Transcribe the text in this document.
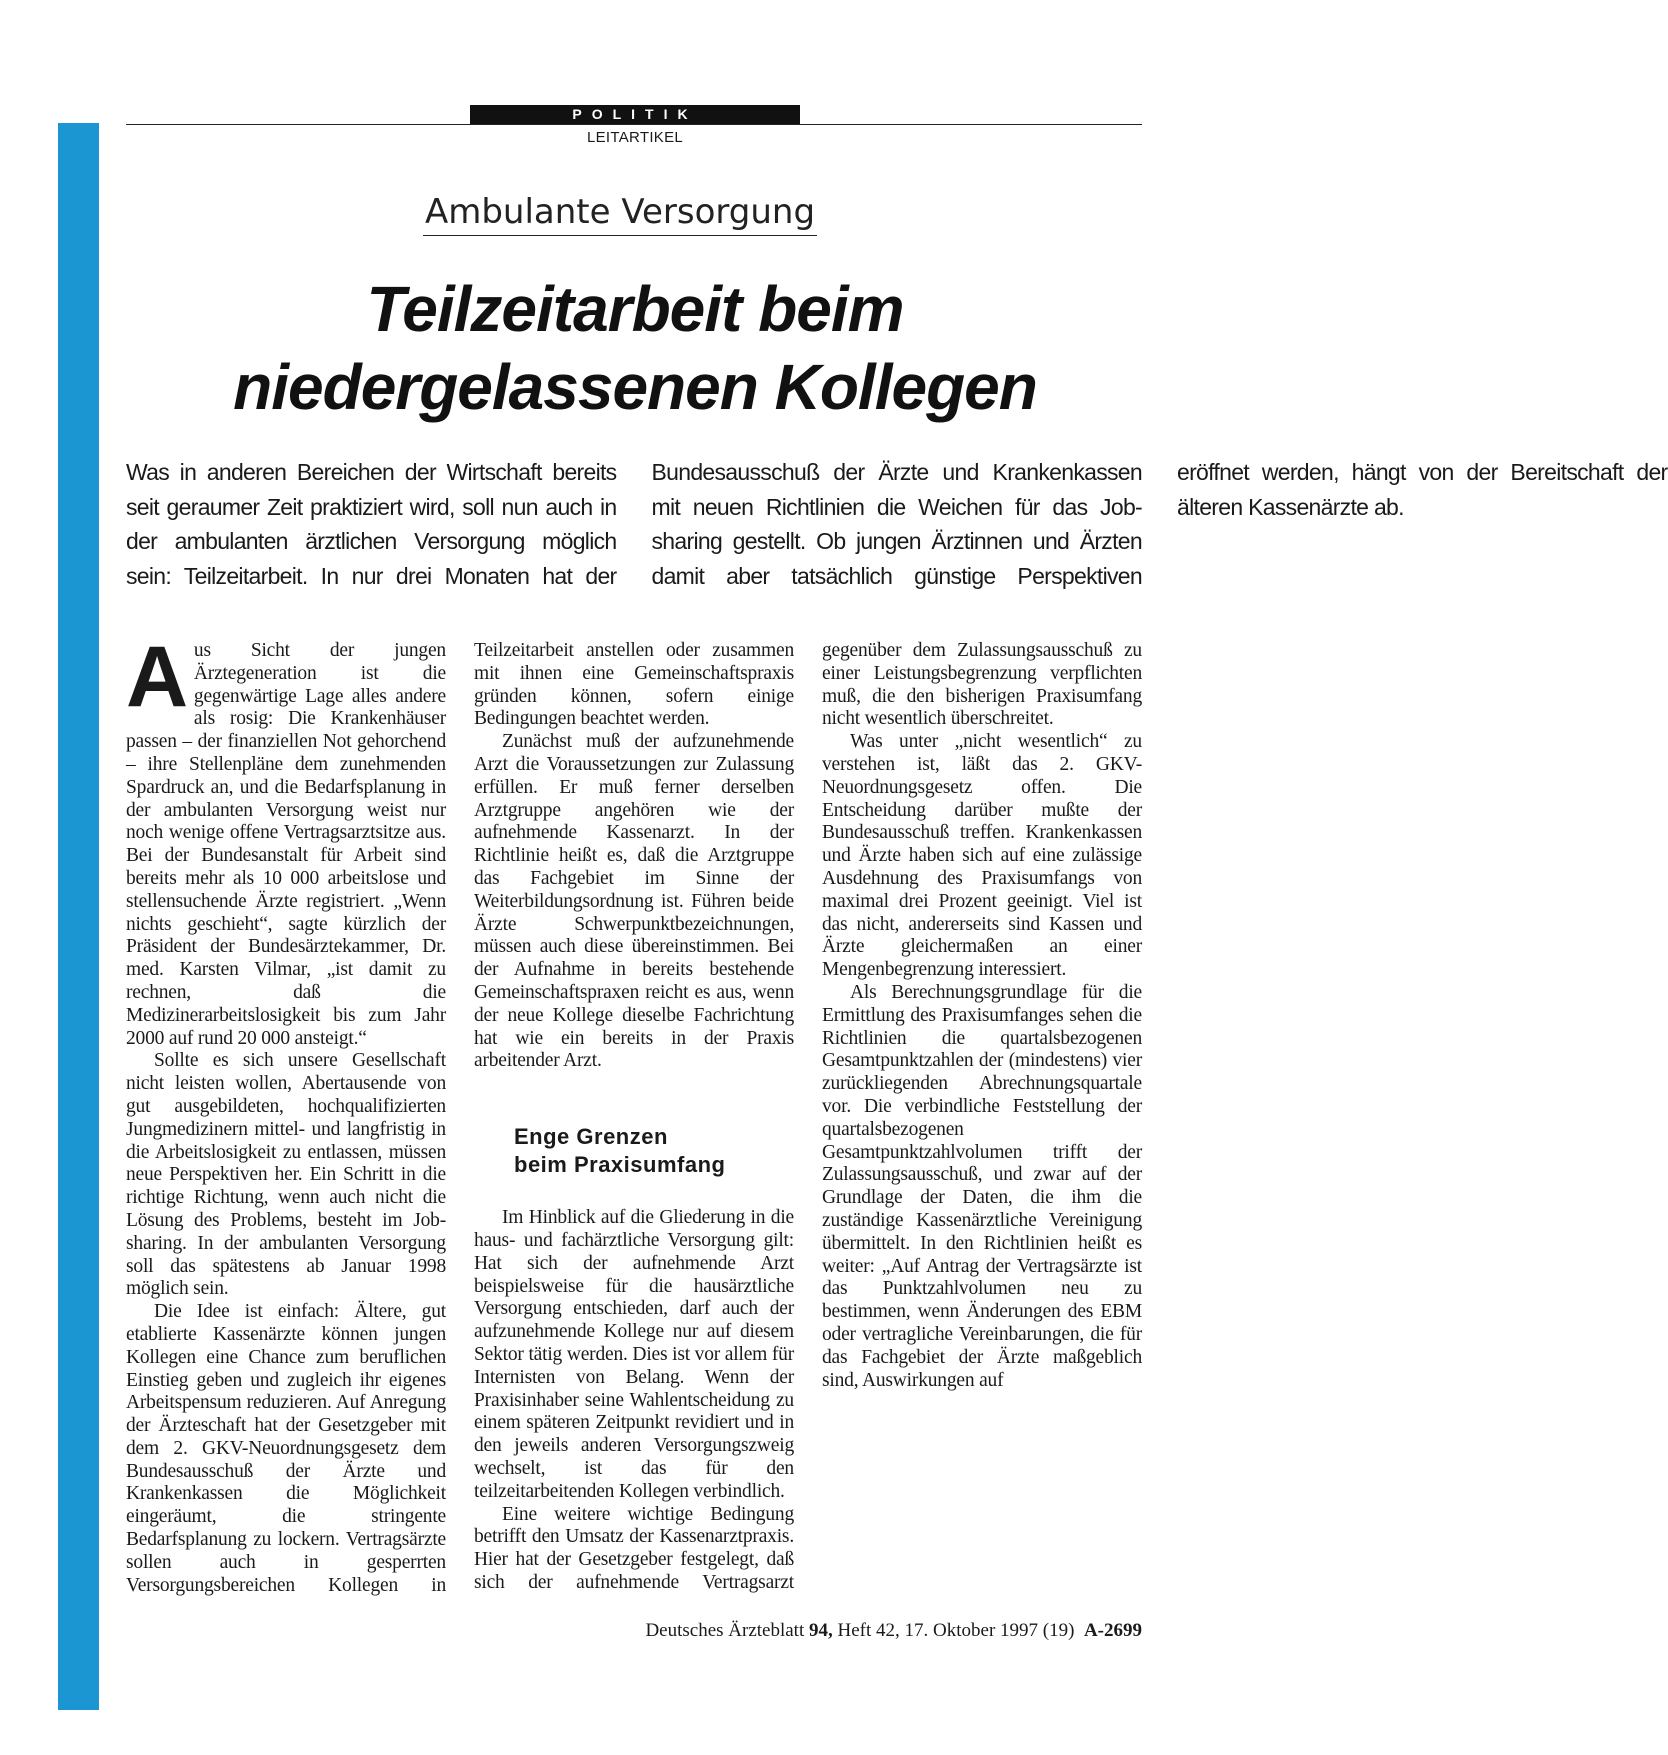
POLITIK
LEITARTIKEL
Ambulante Versorgung
Teilzeitarbeit beim
niedergelassenen Kollegen
Was in anderen Bereichen der Wirtschaft bereits seit geraumer Zeit praktiziert wird, soll nun auch in der ambulanten ärztlichen Versorgung möglich sein: Teilzeitarbeit. In nur drei Monaten hat der Bundesausschuß der Ärzte und Krankenkassen mit neuen Richtlinien die Weichen für das Job-sharing gestellt. Ob jungen Ärztinnen und Ärzten damit aber tatsächlich günstige Perspektiven eröffnet werden, hängt von der Bereitschaft der älteren Kassenärzte ab.

Aus Sicht der jungen Ärztegeneration ist die gegenwärtige Lage alles andere als rosig: Die Krankenhäuser passen – der finanziellen Not gehorchend – ihre Stellenpläne dem zunehmenden Spardruck an, und die Bedarfsplanung in der ambulanten Versorgung weist nur noch wenige offene Vertragsarztsitze aus. Bei der Bundesanstalt für Arbeit sind bereits mehr als 10 000 arbeitslose und stellensuchende Ärzte registriert. „Wenn nichts geschieht“, sagte kürzlich der Präsident der Bundesärztekammer, Dr. med. Karsten Vilmar, „ist damit zu rechnen, daß die Medizinerarbeitslosigkeit bis zum Jahr 2000 auf rund 20 000 ansteigt.“

Sollte es sich unsere Gesellschaft nicht leisten wollen, Abertausende von gut ausgebildeten, hochqualifizierten Jungmedizinern mittel- und langfristig in die Arbeitslosigkeit zu entlassen, müssen neue Perspektiven her. Ein Schritt in die richtige Richtung, wenn auch nicht die Lösung des Problems, besteht im Job-sharing. In der ambulanten Versorgung soll das spätestens ab Januar 1998 möglich sein.

Die Idee ist einfach: Ältere, gut etablierte Kassenärzte können jungen Kollegen eine Chance zum beruflichen Einstieg geben und zugleich ihr eigenes Arbeitspensum reduzieren. Auf Anregung der Ärzteschaft hat der Gesetzgeber mit dem 2. GKV-Neuordnungsgesetz dem Bundesausschuß der Ärzte und Krankenkassen die Möglichkeit eingeräumt, die stringente Bedarfsplanung zu lockern. Vertragsärzte sollen auch in gesperrten Versorgungsbereichen Kollegen in Teilzeitarbeit anstellen oder zusammen mit ihnen eine Gemeinschaftspraxis gründen können, sofern einige Bedingungen beachtet werden.

Zunächst muß der aufzunehmende Arzt die Voraussetzungen zur Zulassung erfüllen. Er muß ferner derselben Arztgruppe angehören wie der aufnehmende Kassenarzt. In der Richtlinie heißt es, daß die Arztgruppe das Fachgebiet im Sinne der Weiterbildungsordnung ist. Führen beide Ärzte Schwerpunktbezeichnungen, müssen auch diese übereinstimmen. Bei der Aufnahme in bereits bestehende Gemeinschaftspraxen reicht es aus, wenn der neue Kollege dieselbe Fachrichtung hat wie ein bereits in der Praxis arbeitender Arzt.

Enge Grenzen
beim Praxisumfang

Im Hinblick auf die Gliederung in die haus- und fachärztliche Versorgung gilt: Hat sich der aufnehmende Arzt beispielsweise für die hausärztliche Versorgung entschieden, darf auch der aufzunehmende Kollege nur auf diesem Sektor tätig werden. Dies ist vor allem für Internisten von Belang. Wenn der Praxisinhaber seine Wahlentscheidung zu einem späteren Zeitpunkt revidiert und in den jeweils anderen Versorgungszweig wechselt, ist das für den teilzeitarbeitenden Kollegen verbindlich.

Eine weitere wichtige Bedingung betrifft den Umsatz der Kassenarztpraxis. Hier hat der Gesetzgeber festgelegt, daß sich der aufnehmende Vertragsarzt gegenüber dem Zulassungsausschuß zu einer Leistungsbegrenzung verpflichten muß, die den bisherigen Praxisumfang nicht wesentlich überschreitet.

Was unter „nicht wesentlich“ zu verstehen ist, läßt das 2. GKV-Neuordnungsgesetz offen. Die Entscheidung darüber mußte der Bundesausschuß treffen. Krankenkassen und Ärzte haben sich auf eine zulässige Ausdehnung des Praxisumfangs von maximal drei Prozent geeinigt. Viel ist das nicht, andererseits sind Kassen und Ärzte gleichermaßen an einer Mengenbegrenzung interessiert.

Als Berechnungsgrundlage für die Ermittlung des Praxisumfanges sehen die Richtlinien die quartalsbezogenen Gesamtpunktzahlen der (mindestens) vier zurückliegenden Abrechnungsquartale vor. Die verbindliche Feststellung der quartalsbezogenen Gesamtpunktzahlvolumen trifft der Zulassungsausschuß, und zwar auf der Grundlage der Daten, die ihm die zuständige Kassenärztliche Vereinigung übermittelt. In den Richtlinien heißt es weiter: „Auf Antrag der Vertragsärzte ist das Punktzahlvolumen neu zu bestimmen, wenn Änderungen des EBM oder vertragliche Vereinbarungen, die für das Fachgebiet der Ärzte maßgeblich sind, Auswirkungen auf

Deutsches Ärzteblatt 94, Heft 42, 17. Oktober 1997 (19) A-2699
